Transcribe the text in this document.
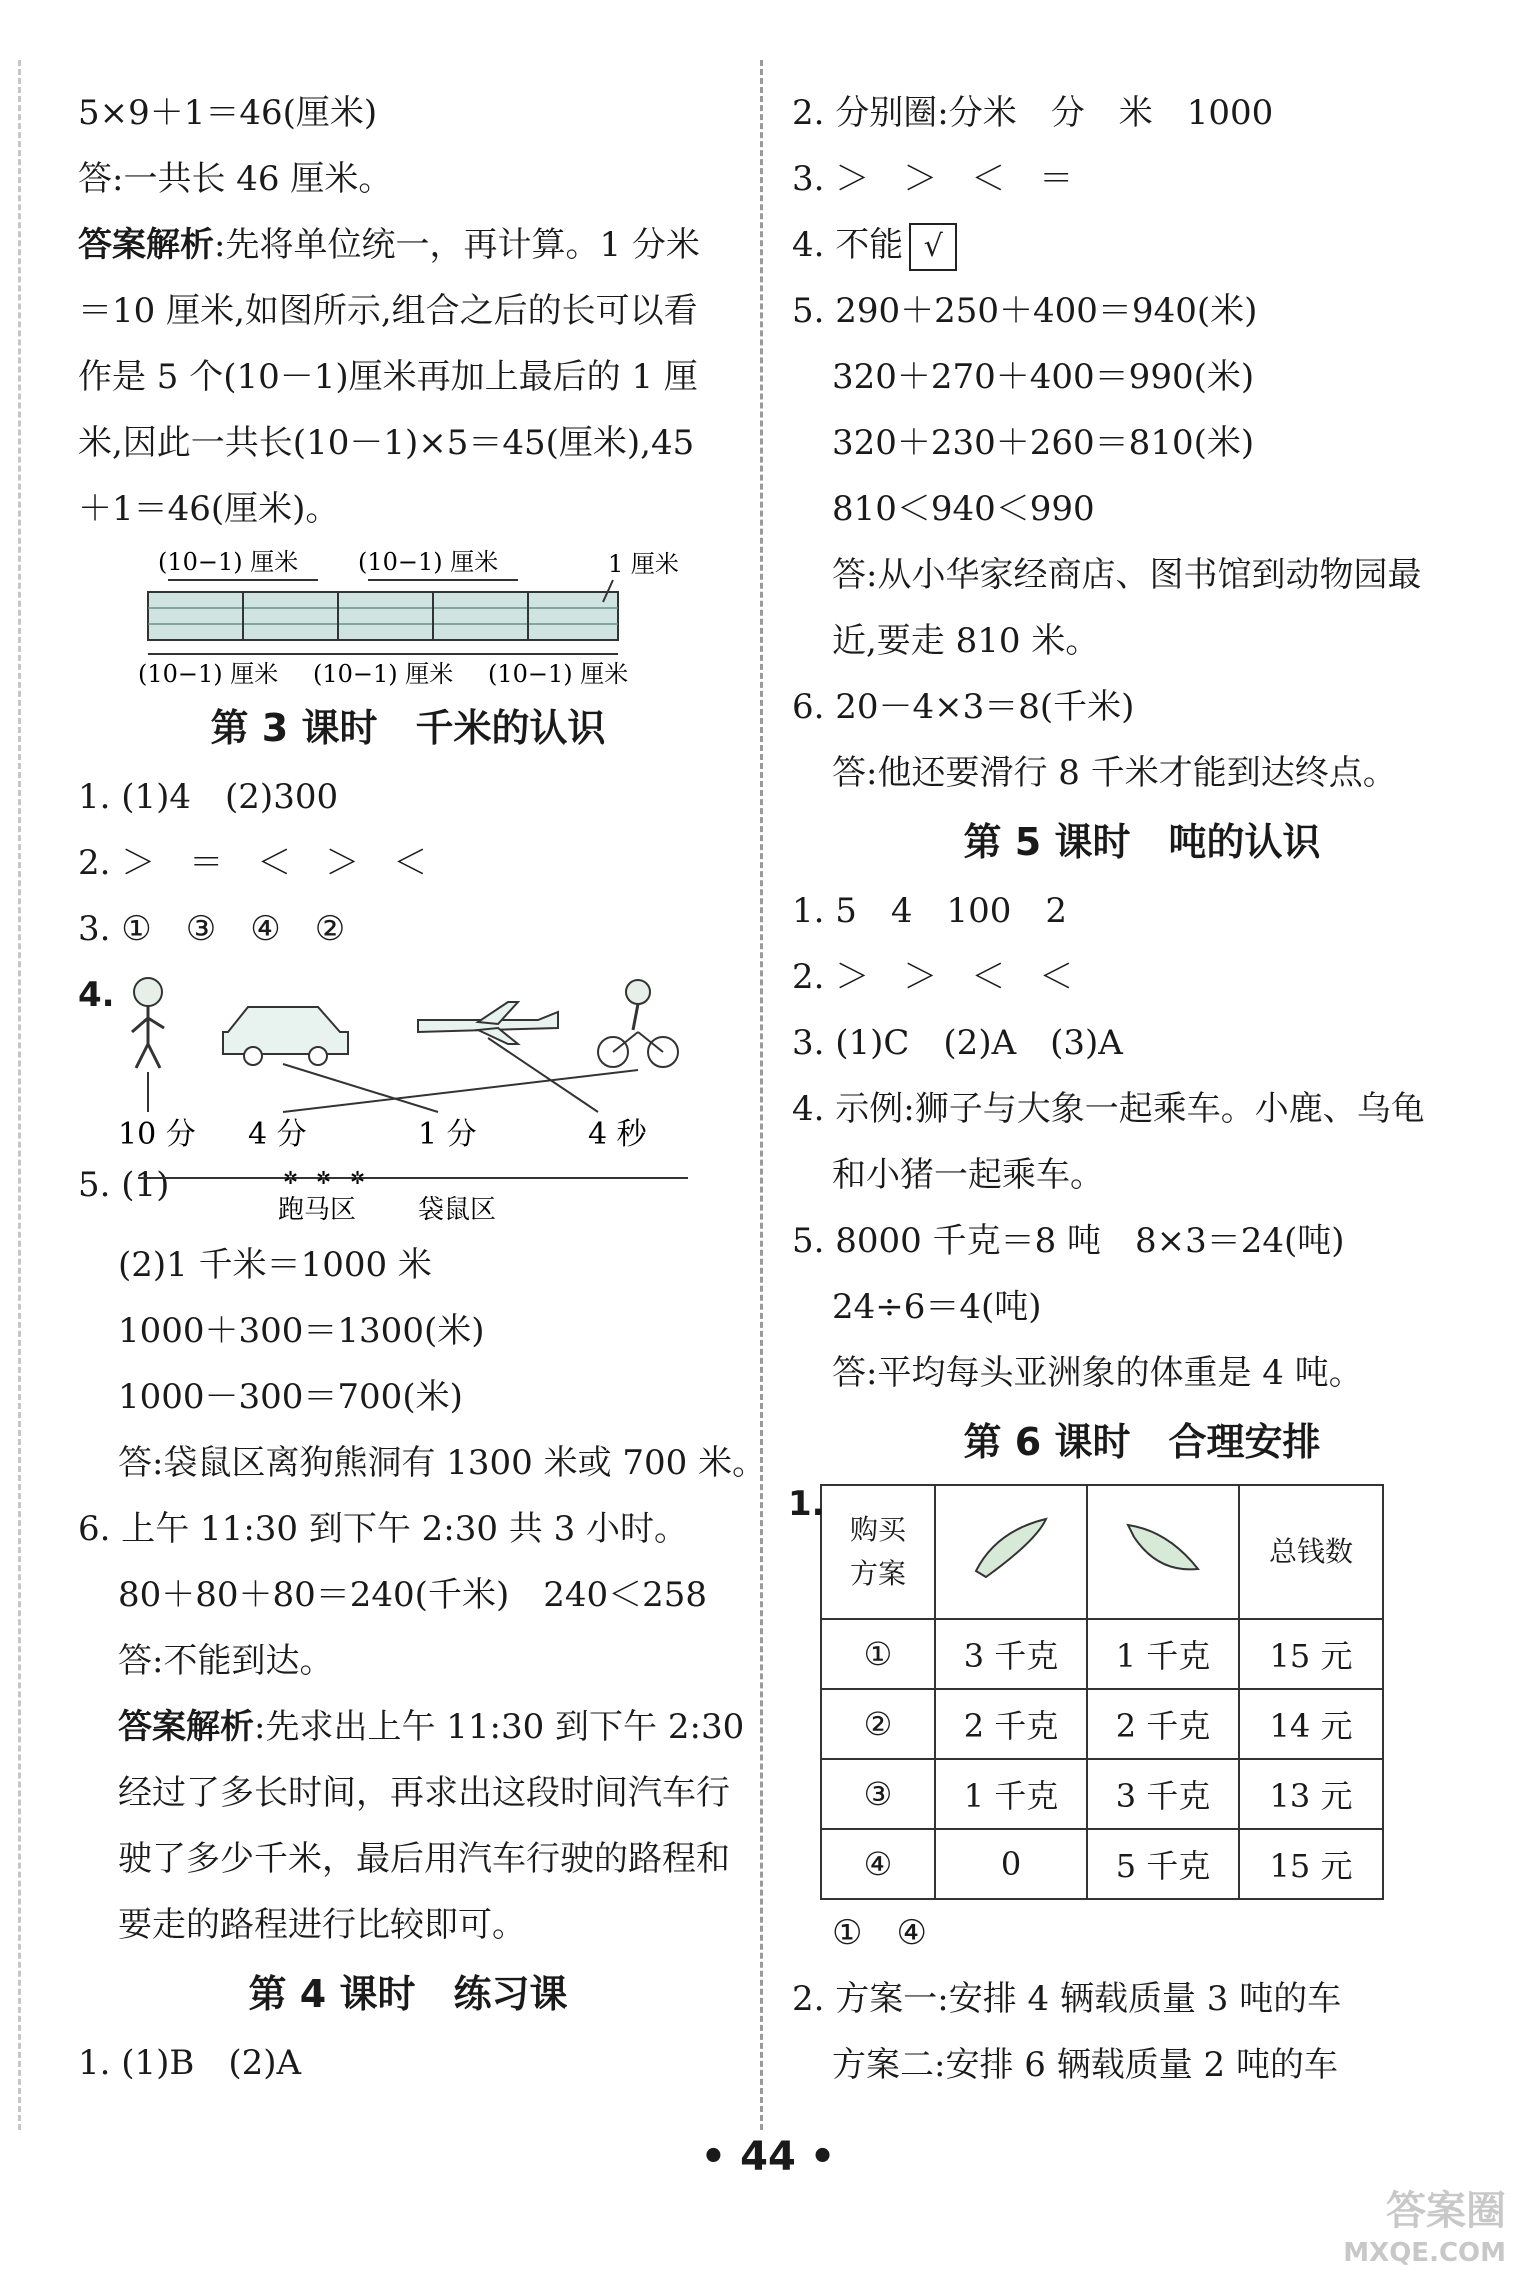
5×9＋1＝46(厘米)
答:一共长 46 厘米。
答案解析:先将单位统一，再计算。1 分米
＝10 厘米,如图所示,组合之后的长可以看
作是 5 个(10－1)厘米再加上最后的 1 厘
米,因此一共长(10－1)×5＝45(厘米),45
＋1＝46(厘米)。
(10−1) 厘米 (10−1) 厘米	1 厘米
(10−1) 厘米 (10−1) 厘米 (10−1) 厘米
第 3 课时　千米的认识
1. (1)4　(2)300
2. ＞　＝　＜　＞　＜
3. ①　③　④　②
4.
10 分 4 分	1 分	4 秒
5. (1)	✲ ✲ ✲
跑马区 袋鼠区
(2)1 千米＝1000 米
1000＋300＝1300(米)
1000－300＝700(米)
答:袋鼠区离狗熊洞有 1300 米或 700 米。
6. 上午 11:30 到下午 2:30 共 3 小时。
80＋80＋80＝240(千米)　240＜258
答:不能到达。
答案解析:先求出上午 11:30 到下午 2:30
经过了多长时间，再求出这段时间汽车行
驶了多少千米，最后用汽车行驶的路程和
要走的路程进行比较即可。
第 4 课时　练习课
1. (1)B　(2)A
2. 分别圈:分米　分　米　1000
3. ＞　＞　＜　＝
4. 不能 √
5. 290＋250＋400＝940(米)
320＋270＋400＝990(米)
320＋230＋260＝810(米)
810＜940＜990
答:从小华家经商店、图书馆到动物园最
近,要走 810 米。
6. 20－4×3＝8(千米)
答:他还要滑行 8 千米才能到达终点。
第 5 课时　吨的认识
1. 5　4　100　2
2. ＞　＞　＜　＜
3. (1)C　(2)A　(3)A
4. 示例:狮子与大象一起乘车。小鹿、乌龟
和小猪一起乘车。
5. 8000 千克＝8 吨　8×3＝24(吨)
24÷6＝4(吨)
答:平均每头亚洲象的体重是 4 吨。
第 6 课时　合理安排
1.
购买
方案			总钱数
①	3 千克	1 千克	15 元
②	2 千克	2 千克	14 元
③	1 千克	3 千克	13 元
④	0	5 千克	15 元
①　④
2. 方案一:安排 4 辆载质量 3 吨的车
方案二:安排 6 辆载质量 2 吨的车
• 44 •
答案圈
MXQE.COM
